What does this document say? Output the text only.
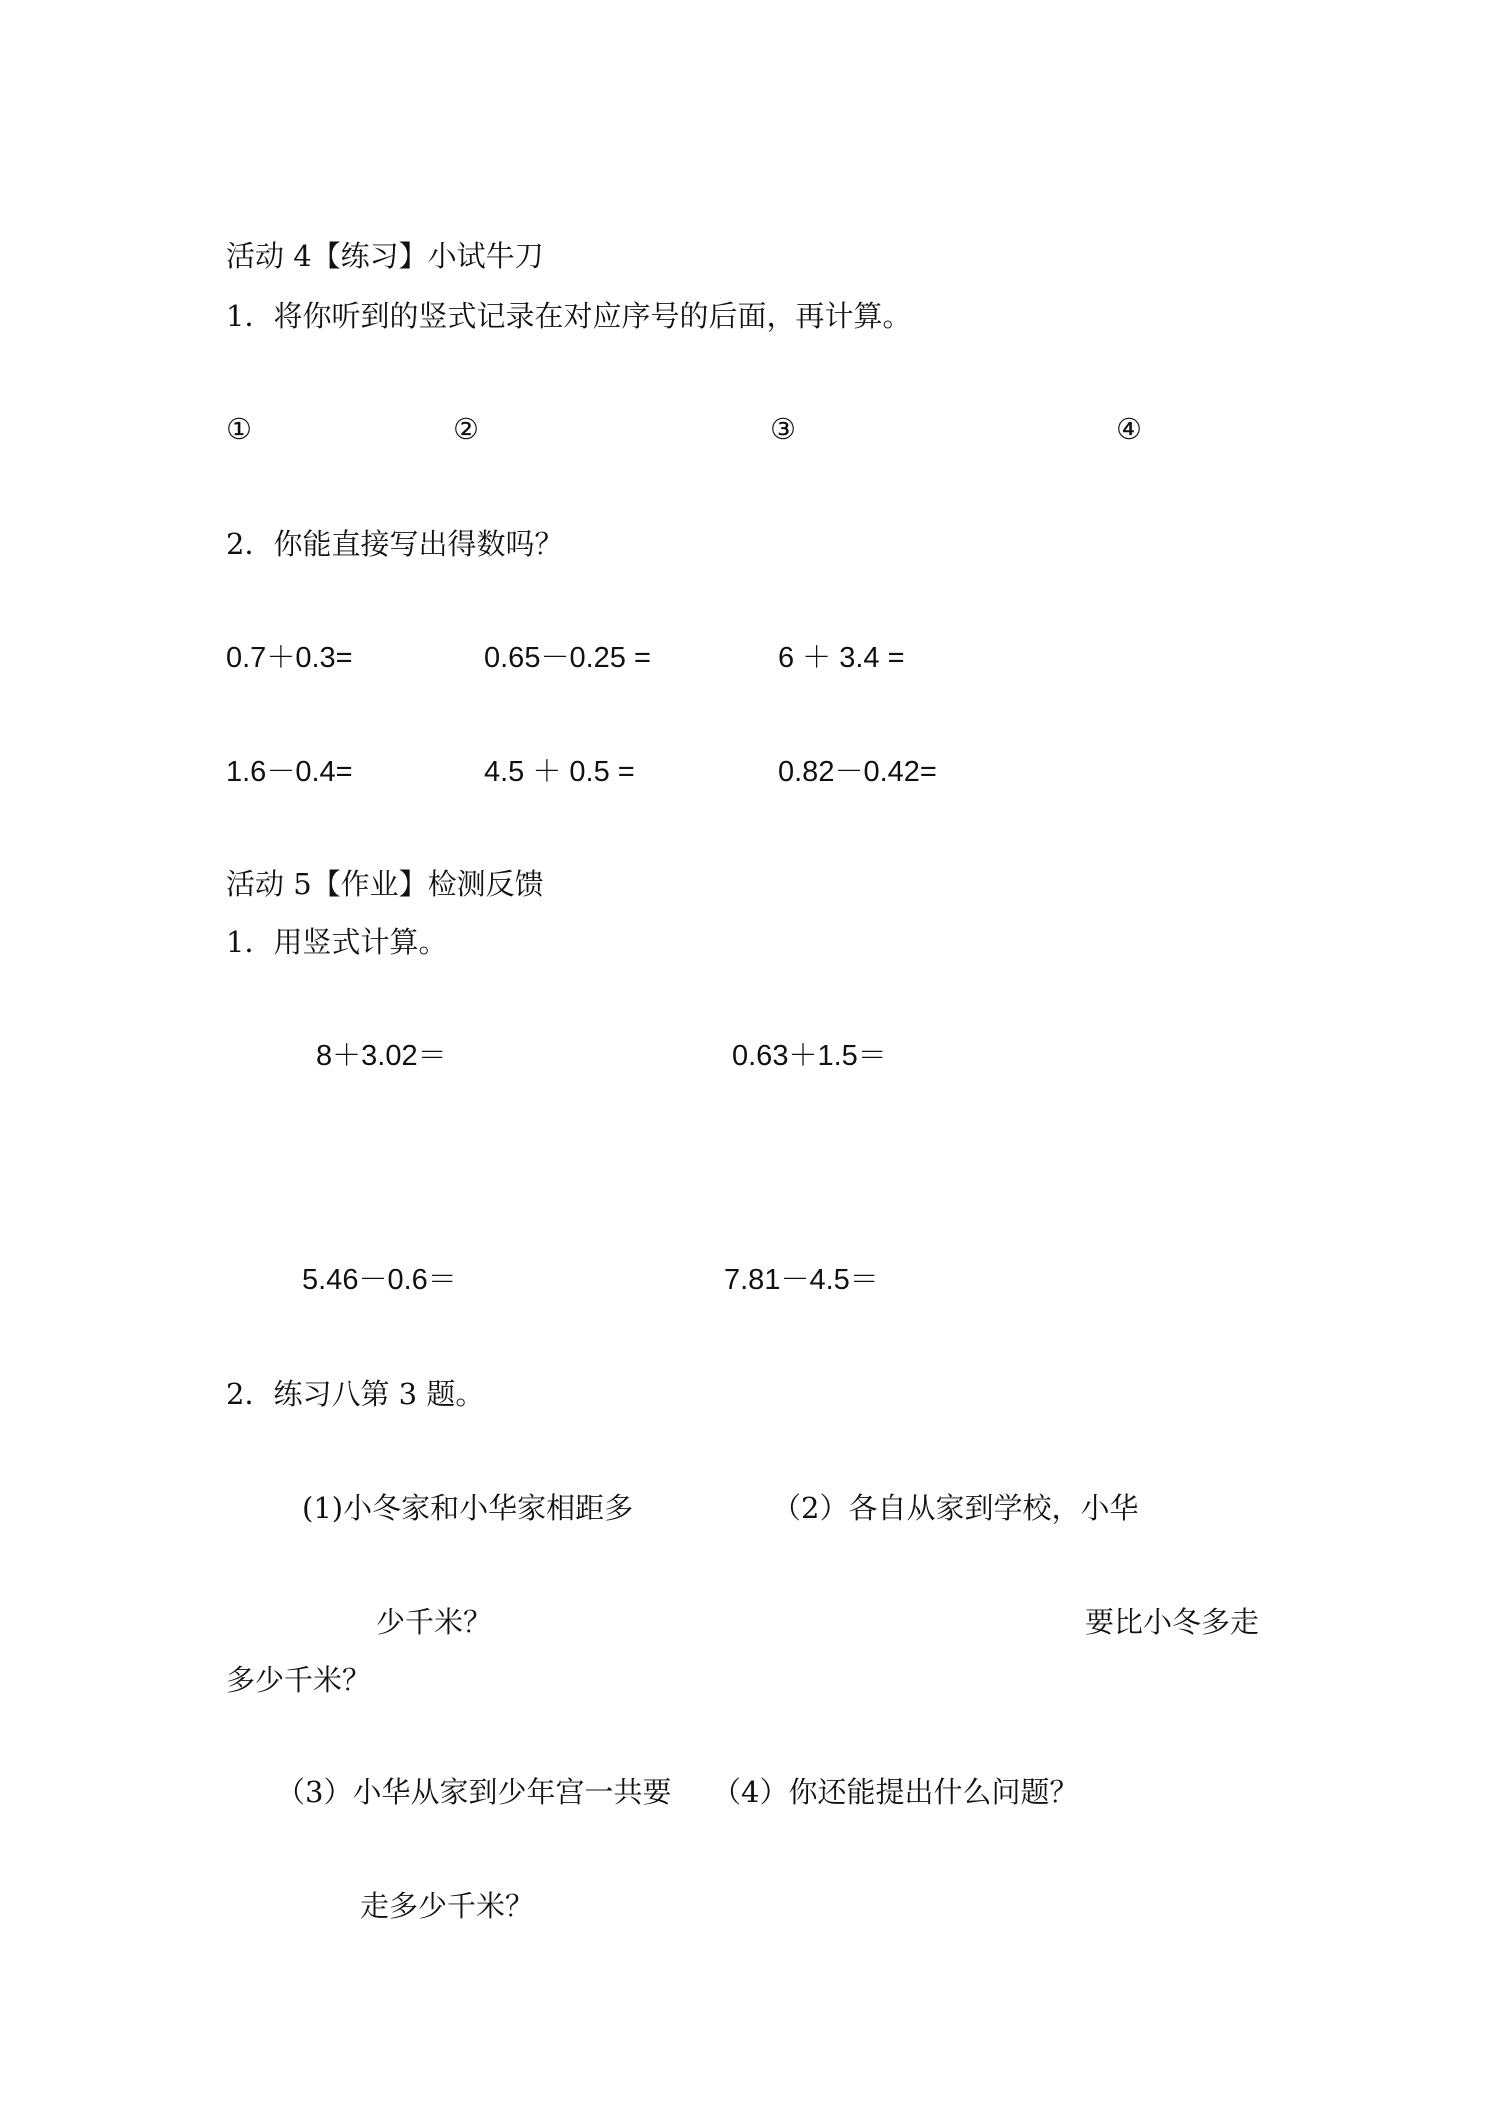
活动 4【练习】小试牛刀
1．将你听到的竖式记录在对应序号的后面，再计算。
①	②	③	④
2．你能直接写出得数吗？
0.7＋0.3=	0.65－0.25 =	6 ＋ 3.4 =
1.6－0.4=	4.5 ＋ 0.5 =	0.82－0.42=
活动 5【作业】检测反馈
1．用竖式计算。
8＋3.02＝	0.63＋1.5＝
5.46－0.6＝	7.81－4.5＝
2．练习八第 3 题。
(1)小冬家和小华家相距多	（2）各自从家到学校，小华
少千米？	要比小冬多走
多少千米？
（3）小华从家到少年宫一共要 （4）你还能提出什么问题？
走多少千米？
